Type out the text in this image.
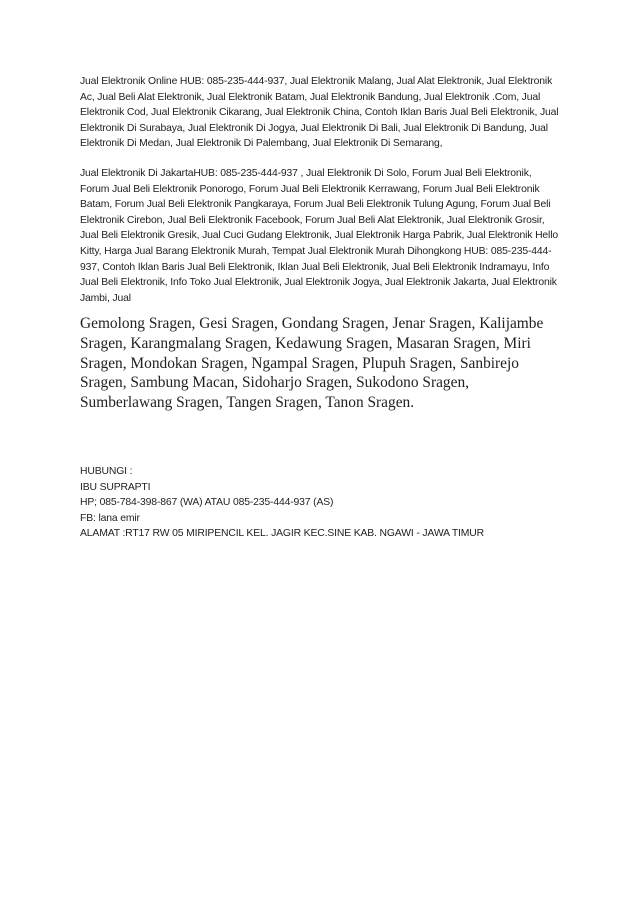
Jual Elektronik Online HUB: 085-235-444-937, Jual Elektronik Malang, Jual Alat Elektronik, Jual Elektronik Ac, Jual Beli Alat Elektronik, Jual Elektronik Batam, Jual Elektronik Bandung, Jual Elektronik .Com, Jual Elektronik Cod, Jual Elektronik Cikarang, Jual Elektronik China, Contoh Iklan Baris Jual Beli Elektronik, Jual Elektronik Di Surabaya, Jual Elektronik Di Jogya, Jual Elektronik Di Bali, Jual Elektronik Di Bandung, Jual Elektronik Di Medan, Jual Elektronik Di Palembang, Jual Elektronik Di Semarang,

Jual Elektronik Di JakartaHUB: 085-235-444-937 , Jual Elektronik Di Solo, Forum Jual Beli Elektronik, Forum Jual Beli Elektronik Ponorogo, Forum Jual Beli Elektronik Kerrawang, Forum Jual Beli Elektronik Batam, Forum Jual Beli Elektronik Pangkaraya, Forum Jual Beli Elektronik Tulung Agung, Forum Jual Beli Elektronik Cirebon, Jual Beli Elektronik Facebook, Forum Jual Beli Alat Elektronik, Jual Elektronik Grosir, Jual Beli Elektronik Gresik, Jual Cuci Gudang Elektronik, Jual Elektronik Harga Pabrik, Jual Elektronik Hello Kitty, Harga Jual Barang Elektronik Murah, Tempat Jual Elektronik Murah Dihongkong HUB: 085-235-444-937, Contoh Iklan Baris Jual Beli Elektronik, Iklan Jual Beli Elektronik, Jual Beli Elektronik Indramayu, Info Jual Beli Elektronik, Info Toko Jual Elektronik, Jual Elektronik Jogya, Jual Elektronik Jakarta, Jual Elektronik Jambi, Jual

Gemolong Sragen, Gesi Sragen, Gondang Sragen, Jenar Sragen, Kalijambe Sragen, Karangmalang Sragen, Kedawung Sragen, Masaran Sragen, Miri Sragen, Mondokan Sragen, Ngampal Sragen, Plupuh Sragen, Sanbirejo Sragen, Sambung Macan, Sidoharjo Sragen, Sukodono Sragen, Sumberlawang Sragen, Tangen Sragen, Tanon Sragen.

HUBUNGI :
IBU SUPRAPTI
HP; 085-784-398-867 (WA) ATAU 085-235-444-937 (AS)
FB: lana emir
ALAMAT :RT17 RW 05 MIRIPENCIL KEL. JAGIR KEC.SINE KAB. NGAWI - JAWA TIMUR
